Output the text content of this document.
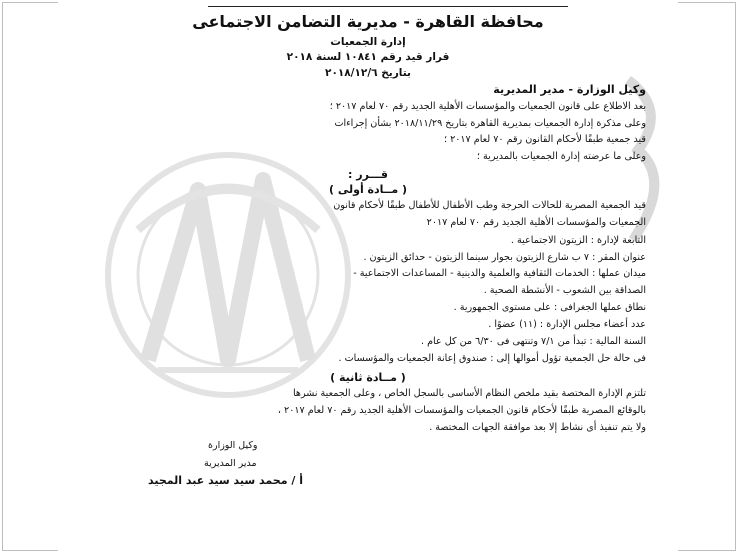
محافظة القاهرة - مديرية التضامن الاجتماعى
إدارة الجمعيات
قرار قيد رقم ١٠٨٤١ لسنة ٢٠١٨
بتاريخ ٢٠١٨/١٢/٦
وكيل الوزارة - مدير المديرية
بعد الاطلاع على قانون الجمعيات والمؤسسات الأهلية الجديد رقم ٧٠ لعام ٢٠١٧ ؛
وعلى مذكرة إدارة الجمعيات بمديرية القاهرة بتاريخ ٢٠١٨/١١/٢٩ بشأن إجراءات
قيد جمعية طبقًا لأحكام القانون رقم ٧٠ لعام ٢٠١٧ ؛
وعلى ما عرضته إدارة الجمعيات بالمديرية ؛
قـــرر :
( مــادة أولى )
قيد الجمعية المصرية للحالات الحرجة وطب الأطفال للأطفال طبقًا لأحكام قانون
الجمعيات والمؤسسات الأهلية الجديد رقم ٧٠ لعام ٢٠١٧
التابعة لإدارة : الزيتون الاجتماعية .
عنوان المقر : ٧ ب شارع الزيتون بجوار سينما الزيتون - حدائق الزيتون .
ميدان عملها : الخدمات الثقافية والعلمية والدينية - المساعدات الاجتماعية -
الصداقة بين الشعوب - الأنشطة الصحية .
نطاق عملها الجغرافى : على مستوى الجمهورية .
عدد أعضاء مجلس الإدارة : (١١) عضوًا .
السنة المالية : تبدأ من ٧/١ وتنتهى فى ٦/٣٠ من كل عام .
فى حالة حل الجمعية تؤول أموالها إلى : صندوق إعانة الجمعيات والمؤسسات .
( مــادة ثانية )
تلتزم الإدارة المختصة بقيد ملخص النظام الأساسى بالسجل الخاص ، وعلى الجمعية نشرها
بالوقائع المصرية طبقًا لأحكام قانون الجمعيات والمؤسسات الأهلية الجديد رقم ٧٠ لعام ٢٠١٧ ،
ولا يتم تنفيذ أى نشاط إلا بعد موافقة الجهات المختصة .
وكيل الوزارة
مدير المديرية
أ / محمد سيد سيد عبد المجيد
